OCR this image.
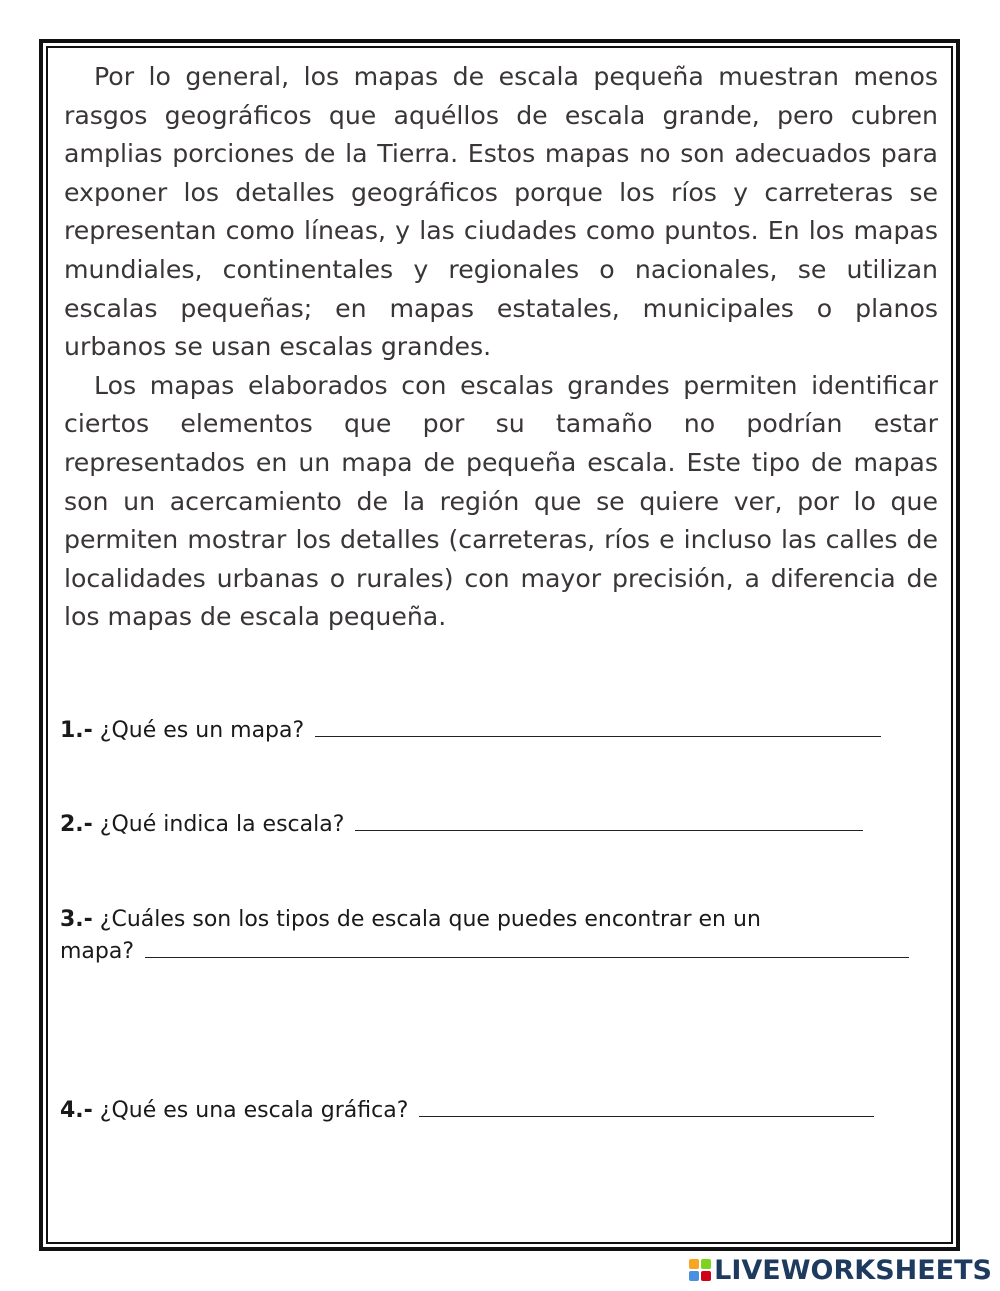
Por lo general, los mapas de escala pequeña muestran menos rasgos geográficos que aquéllos de escala grande, pero cubren amplias porciones de la Tierra. Estos mapas no son adecuados para exponer los detalles geográficos porque los ríos y carreteras se representan como líneas, y las ciudades como puntos. En los mapas mundiales, continentales y regionales o nacionales, se utilizan escalas pequeñas; en mapas estatales, municipales o planos urbanos se usan escalas grandes.

Los mapas elaborados con escalas grandes permiten identificar ciertos elementos que por su tamaño no podrían estar representados en un mapa de pequeña escala. Este tipo de mapas son un acercamiento de la región que se quiere ver, por lo que permiten mostrar los detalles (carreteras, ríos e incluso las calles de localidades urbanas o rurales) con mayor precisión, a diferencia de los mapas de escala pequeña.

1.- ¿Qué es un mapa?
2.- ¿Qué indica la escala?
3.- ¿Cuáles son los tipos de escala que puedes encontrar en un
mapa?
4.- ¿Qué es una escala gráfica?
LIVEWORKSHEETS
